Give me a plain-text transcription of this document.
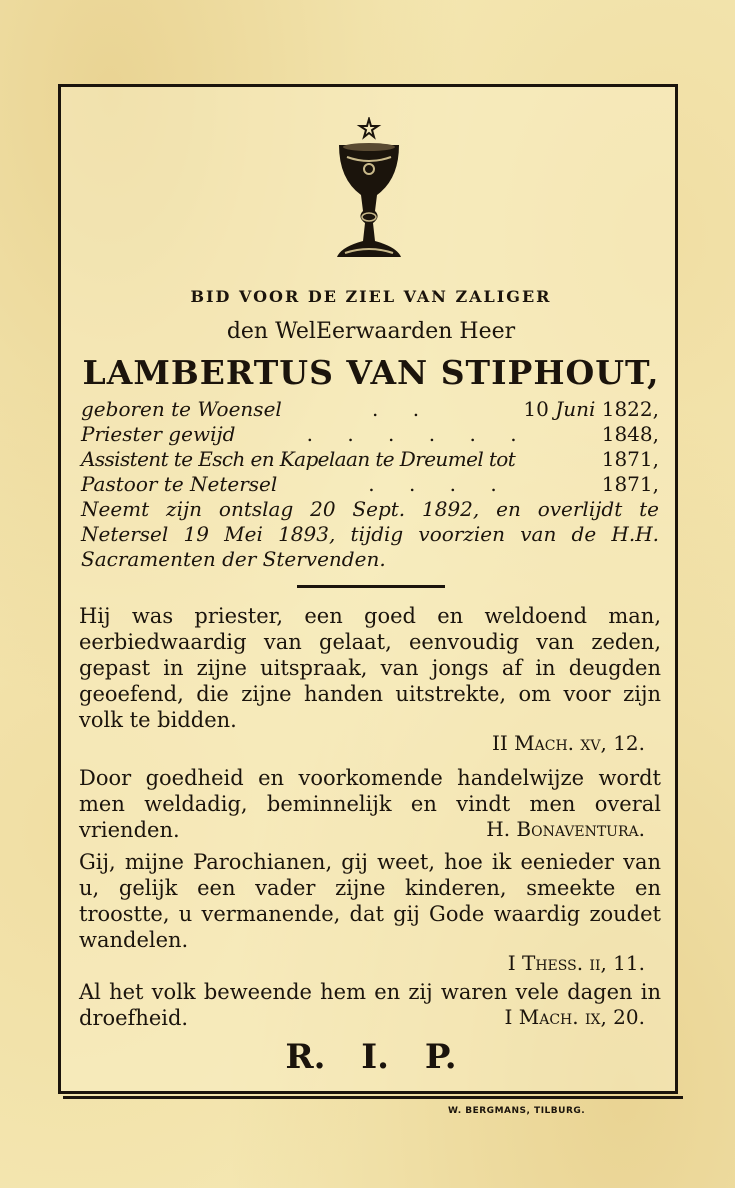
BID VOOR DE ZIEL VAN ZALIGER
den WelEerwaarden Heer
LAMBERTUS VAN STIPHOUT,
geboren te Woensel	. .	10 Juni 1822,
Priester gewijd	. . . . . .	1848,
Assistent te Esch en Kapelaan te Dreumel tot	1871,
Pastoor te Netersel	. . . .	1871,
Neemt zijn ontslag 20 Sept. 1892, en overlijdt te Netersel 19 Mei 1893, tijdig voorzien van de H.H. Sacramenten der Stervenden.
Hij was priester, een goed en weldoend man, eerbiedwaardig van gelaat, eenvoudig van zeden, gepast in zijne uitspraak, van jongs af in deugden geoefend, die zijne handen uitstrekte, om voor zijn volk te bidden.
II Mach. xv, 12.
Door goedheid en voorkomende handelwijze wordt men weldadig, beminnelijk en vindt men overal vrienden.	H. Bonaventura.
Gij, mijne Parochianen, gij weet, hoe ik eenieder van u, gelijk een vader zijne kinderen, smeekte en troostte, u vermanende, dat gij Gode waardig zoudet wandelen.
I Thess. ii, 11.
Al het volk beweende hem en zij waren vele dagen in droefheid.	I Mach. ix, 20.
R. I. P.
W. BERGMANS, TILBURG.
